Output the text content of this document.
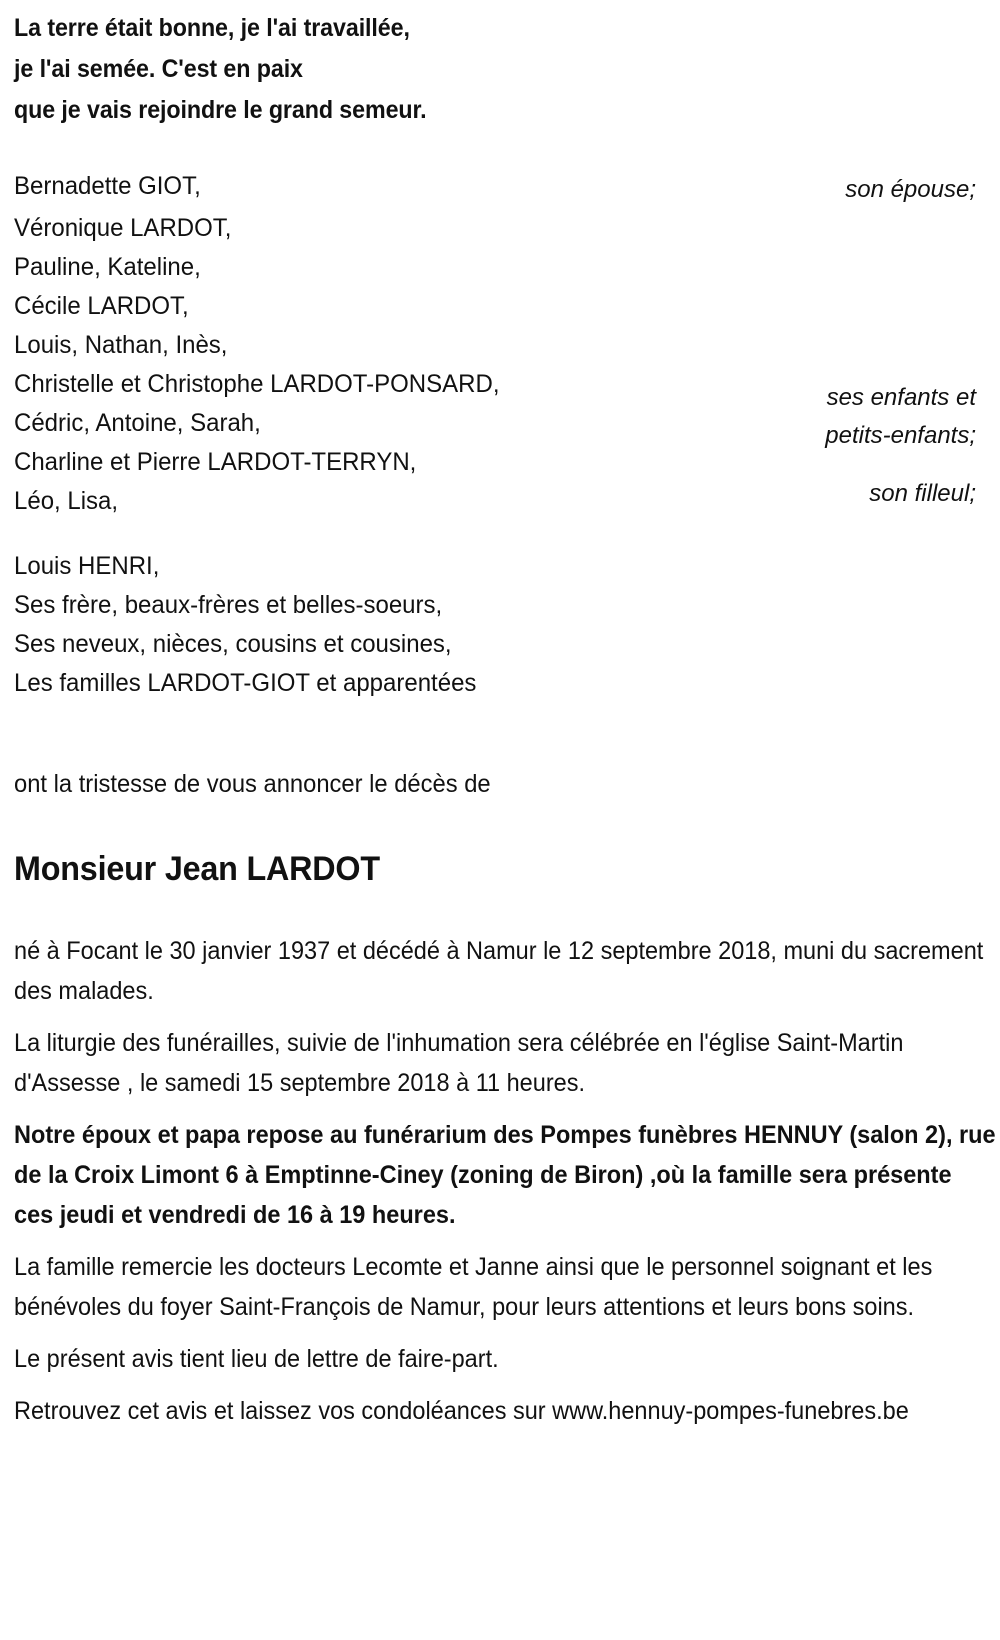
La terre était bonne, je l'ai travaillée,
je l'ai semée. C'est en paix
que je vais rejoindre le grand semeur.
Bernadette GIOT,	son épouse;
Véronique LARDOT,
Pauline, Kateline,
Cécile LARDOT,
Louis, Nathan, Inès,
Christelle et Christophe LARDOT-PONSARD,
Cédric, Antoine, Sarah,
Charline et Pierre LARDOT-TERRYN,
Léo, Lisa,
Louis HENRI,
ses enfants et
petits-enfants;
son filleul;
Ses frère, beaux-frères et belles-soeurs,
Ses neveux, nièces, cousins et cousines,
Les familles LARDOT-GIOT et apparentées
ont la tristesse de vous annoncer le décès de
Monsieur Jean LARDOT
né à Focant le 30 janvier 1937 et décédé à Namur le 12 septembre 2018, muni du sacrement des malades.
La liturgie des funérailles, suivie de l'inhumation sera célébrée en l'église Saint-Martin d'Assesse , le samedi 15 septembre 2018 à 11 heures.
Notre époux et papa repose au funérarium des Pompes funèbres HENNUY (salon 2), rue de la Croix Limont 6 à Emptinne-Ciney (zoning de Biron) ,où la famille sera présente ces jeudi et vendredi de 16 à 19 heures.
La famille remercie les docteurs Lecomte et Janne ainsi que le personnel soignant et les bénévoles du foyer Saint-François de Namur, pour leurs attentions et leurs bons soins.
Le présent avis tient lieu de lettre de faire-part.
Retrouvez cet avis et laissez vos condoléances sur www.hennuy-pompes-funebres.be
